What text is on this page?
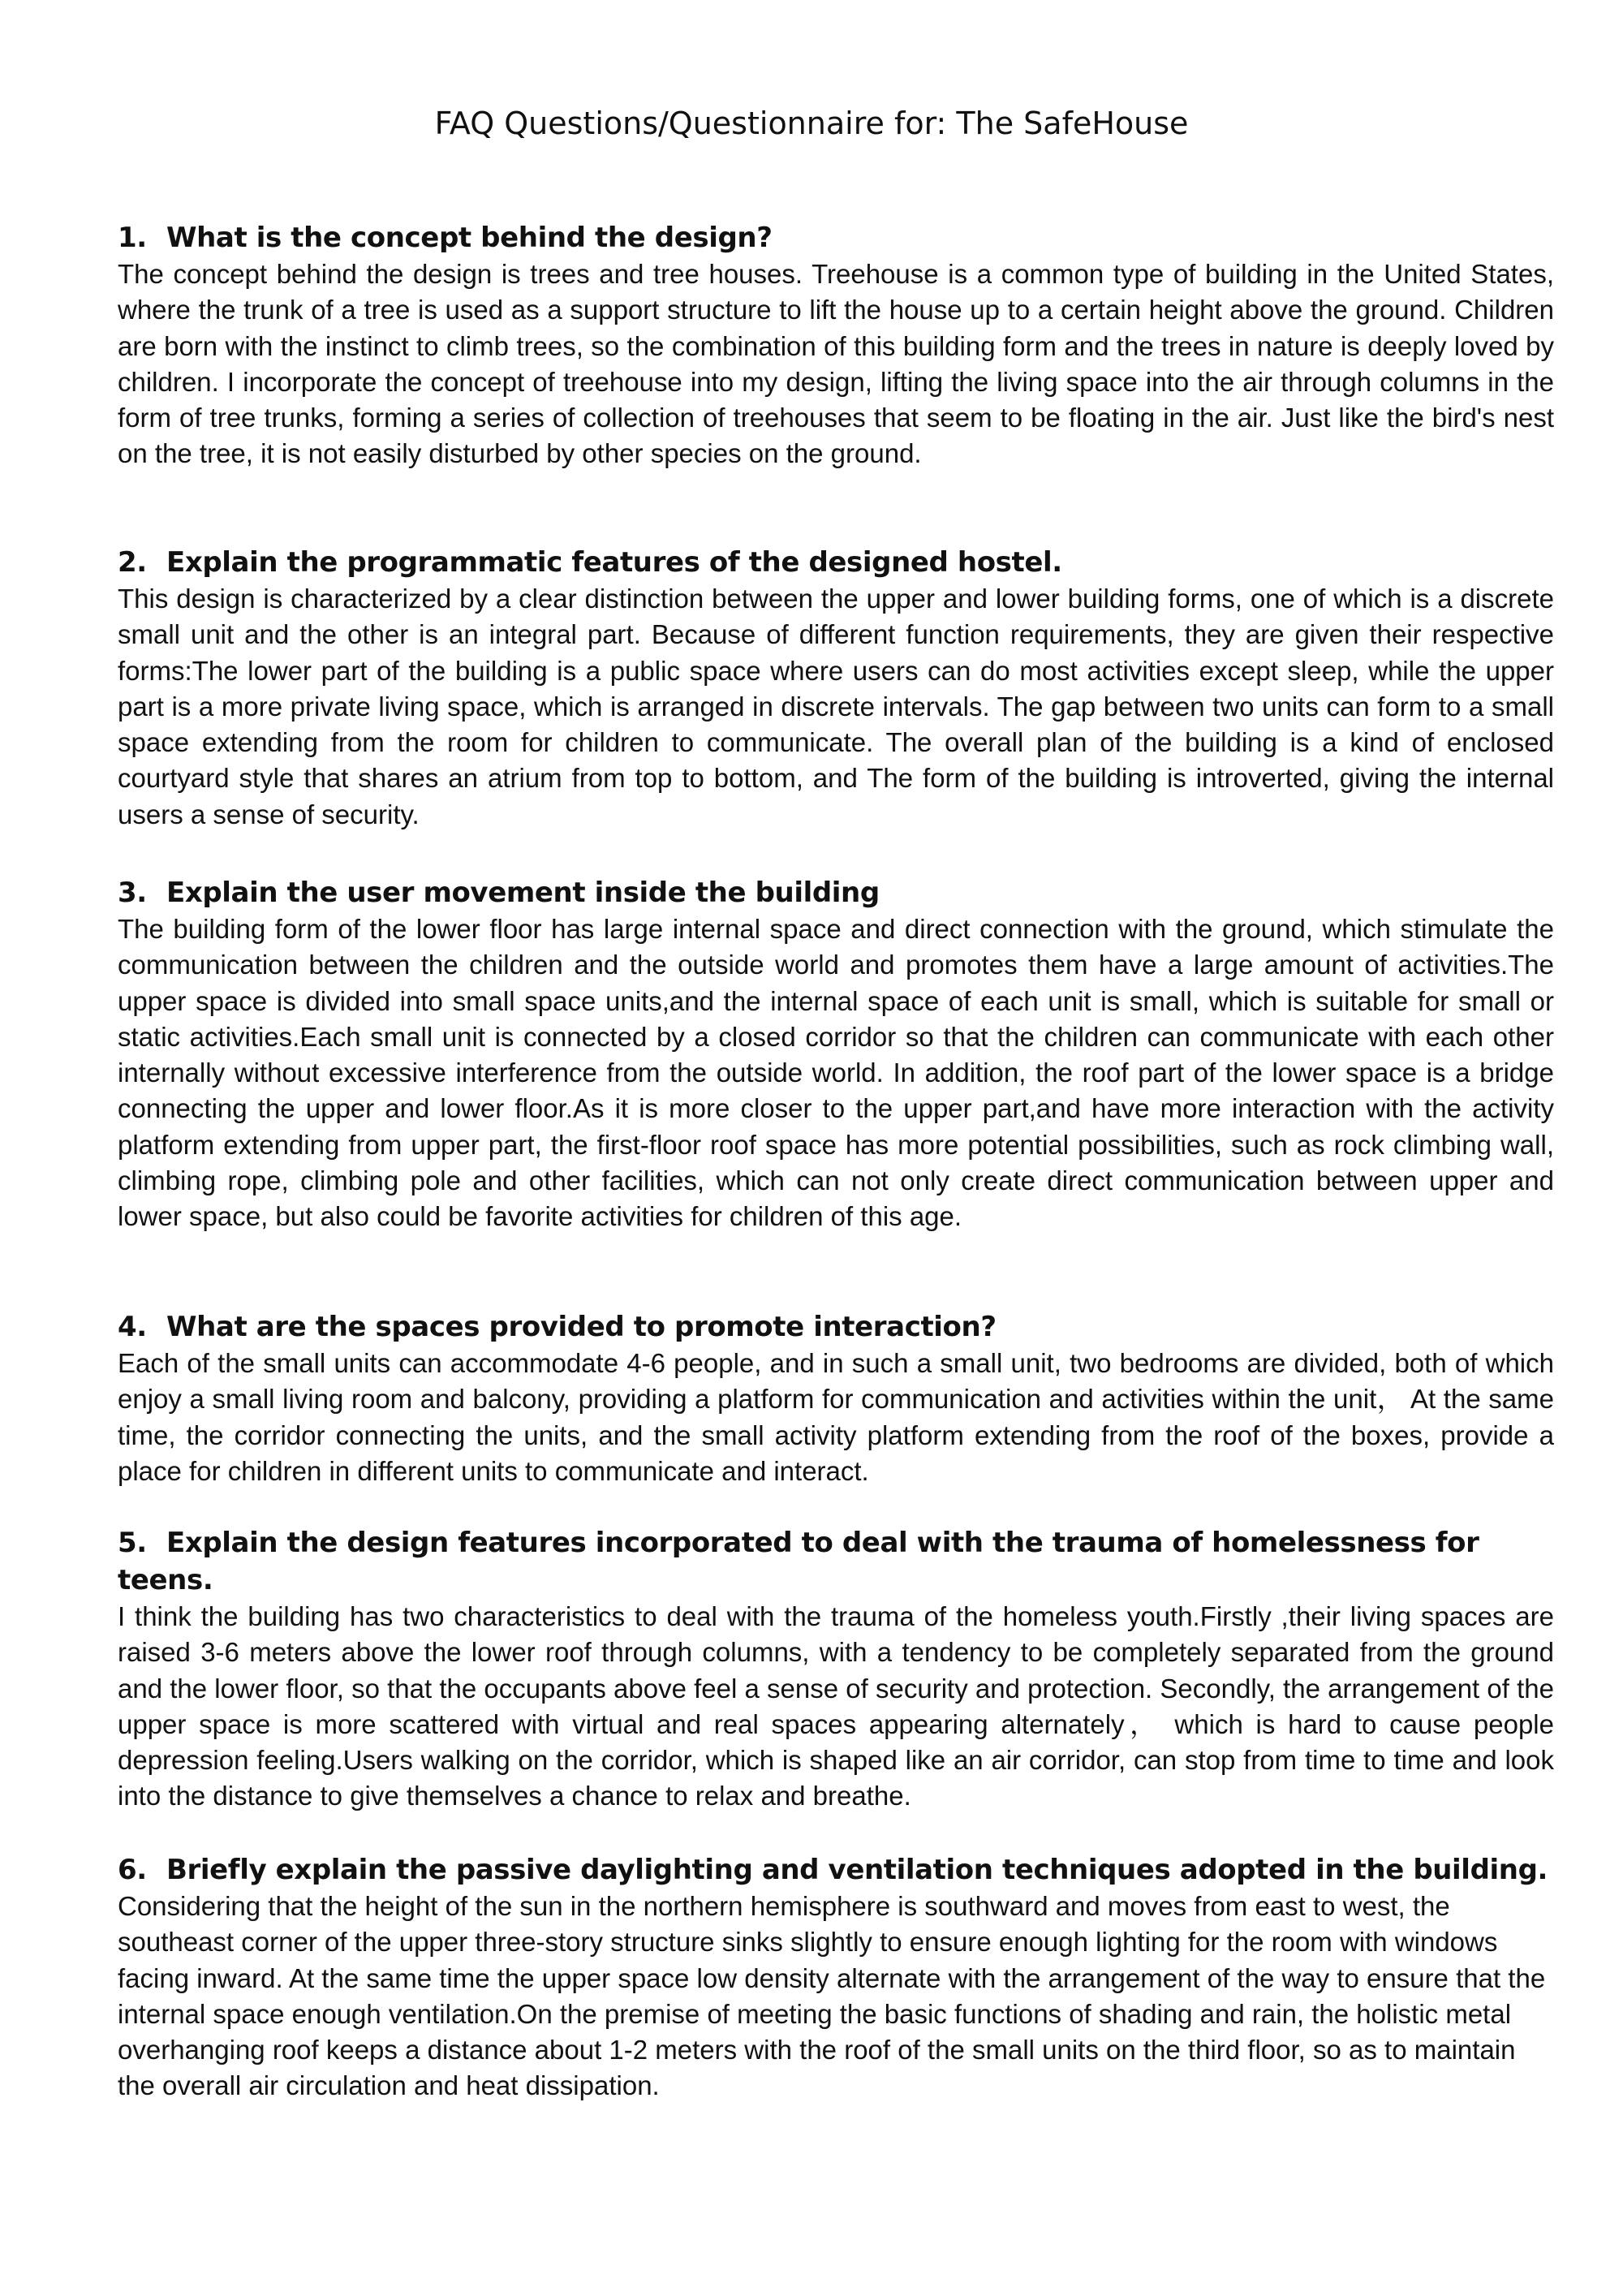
FAQ Questions/Questionnaire for: The SafeHouse
1. What is the concept behind the design?

The concept behind the design is trees and tree houses. Treehouse is a common type of building in the United States, where the trunk of a tree is used as a support structure to lift the house up to a certain height above the ground. Children are born with the instinct to climb trees, so the combination of this building form and the trees in nature is deeply loved by children. I incorporate the concept of treehouse into my design, lifting the living space into the air through columns in the form of tree trunks, forming a series of collection of treehouses that seem to be floating in the air. Just like the bird's nest on the tree, it is not easily disturbed by other species on the ground.

2. Explain the programmatic features of the designed hostel.

This design is characterized by a clear distinction between the upper and lower building forms, one of which is a discrete small unit and the other is an integral part. Because of different function requirements, they are given their respective forms:The lower part of the building is a public space where users can do most activities except sleep, while the upper part is a more private living space, which is arranged in discrete intervals. The gap between two units can form to a small space extending from the room for children to communicate. The overall plan of the building is a kind of enclosed courtyard style that shares an atrium from top to bottom, and The form of the building is introverted, giving the internal users a sense of security.

3. Explain the user movement inside the building

The building form of the lower floor has large internal space and direct connection with the ground, which stimulate the communication between the children and the outside world and promotes them have a large amount of activities.The upper space is divided into small space units,and the internal space of each unit is small, which is suitable for small or static activities.Each small unit is connected by a closed corridor so that the children can communicate with each other internally without excessive interference from the outside world. In addition, the roof part of the lower space is a bridge connecting the upper and lower floor.As it is more closer to the upper part,and have more interaction with the activity platform extending from upper part, the first-floor roof space has more potential possibilities, such as rock climbing wall, climbing rope, climbing pole and other facilities, which can not only create direct communication between upper and lower space, but also could be favorite activities for children of this age.

4. What are the spaces provided to promote interaction?

Each of the small units can accommodate 4-6 people, and in such a small unit, two bedrooms are divided, both of which enjoy a small living room and balcony, providing a platform for communication and activities within the unit， At the same time, the corridor connecting the units, and the small activity platform extending from the roof of the boxes, provide a place for children in different units to communicate and interact.

5. Explain the design features incorporated to deal with the trauma of homelessness for teens.

I think the building has two characteristics to deal with the trauma of the homeless youth.Firstly ,their living spaces are raised 3-6 meters above the lower roof through columns, with a tendency to be completely separated from the ground and the lower floor, so that the occupants above feel a sense of security and protection. Secondly, the arrangement of the upper space is more scattered with virtual and real spaces appearing alternately， which is hard to cause people depression feeling.Users walking on the corridor, which is shaped like an air corridor, can stop from time to time and look into the distance to give themselves a chance to relax and breathe.

6. Briefly explain the passive daylighting and ventilation techniques adopted in the building.

Considering that the height of the sun in the northern hemisphere is southward and moves from east to west, the southeast corner of the upper three-story structure sinks slightly to ensure enough lighting for the room with windows facing inward. At the same time the upper space low density alternate with the arrangement of the way to ensure that the internal space enough ventilation.On the premise of meeting the basic functions of shading and rain, the holistic metal overhanging roof keeps a distance about 1-2 meters with the roof of the small units on the third floor, so as to maintain the overall air circulation and heat dissipation.
